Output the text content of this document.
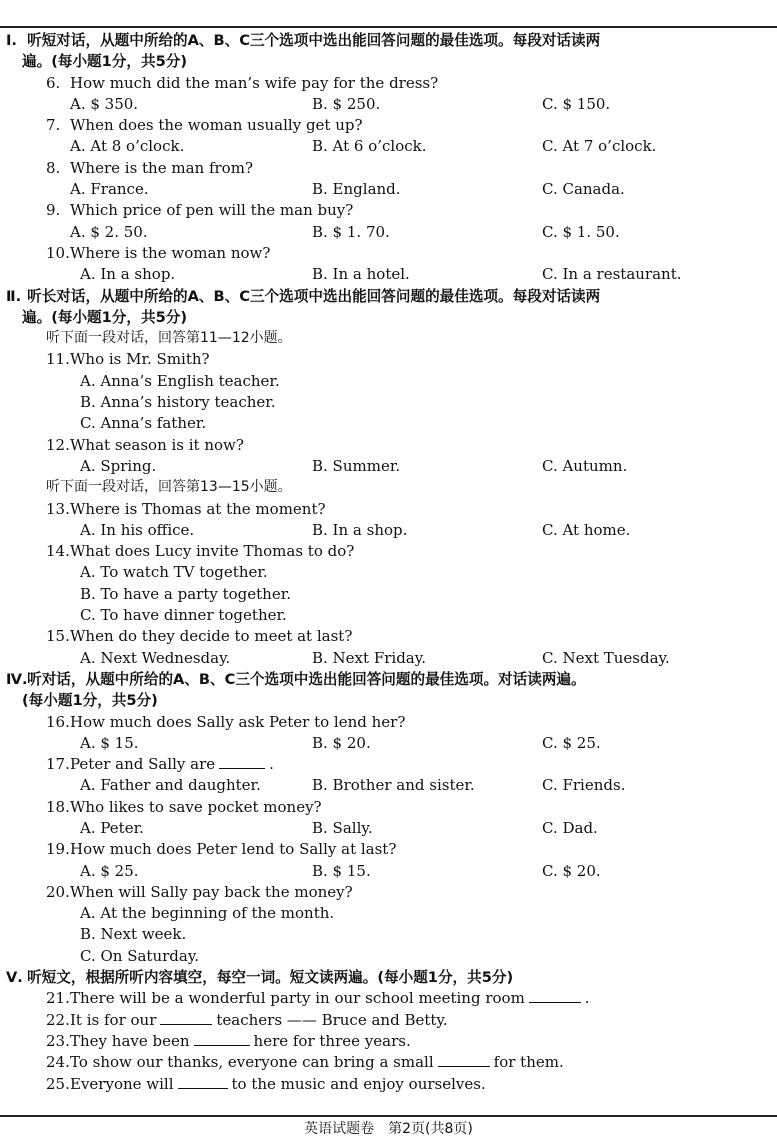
Ⅰ. 听短对话，从题中所给的A、B、C三个选项中选出能回答问题的最佳选项。每段对话读两
遍。(每小题1分，共5分)
6. How much did the man’s wife pay for the dress?
A. $ 350.	B. $ 250.	C. $ 150.
7. When does the woman usually get up?
A. At 8 o’clock.	B. At 6 o’clock.	C. At 7 o’clock.
8. Where is the man from?
A. France.	B. England.	C. Canada.
9. Which price of pen will the man buy?
A. $ 2. 50.	B. $ 1. 70.	C. $ 1. 50.
10.Where is the woman now?
A. In a shop.	B. In a hotel.	C. In a restaurant.
Ⅱ. 听长对话，从题中所给的A、B、C三个选项中选出能回答问题的最佳选项。每段对话读两
遍。(每小题1分，共5分)
听下面一段对话，回答第11—12小题。
11.Who is Mr. Smith?
A. Anna’s English teacher.
B. Anna’s history teacher.
C. Anna’s father.
12.What season is it now?
A. Spring.	B. Summer.	C. Autumn.
听下面一段对话，回答第13—15小题。
13.Where is Thomas at the moment?
A. In his office.	B. In a shop.	C. At home.
14.What does Lucy invite Thomas to do?
A. To watch TV together.
B. To have a party together.
C. To have dinner together.
15.When do they decide to meet at last?
A. Next Wednesday.	B. Next Friday.	C. Next Tuesday.
Ⅳ. 听对话，从题中所给的A、B、C三个选项中选出能回答问题的最佳选项。对话读两遍。
(每小题1分，共5分)
16.How much does Sally ask Peter to lend her?
A. $ 15.	B. $ 20.	C. $ 25.
17.Peter and Sally are	.
A. Father and daughter.	B. Brother and sister.	C. Friends.
18.Who likes to save pocket money?
A. Peter.	B. Sally.	C. Dad.
19.How much does Peter lend to Sally at last?
A. $ 25.	B. $ 15.	C. $ 20.
20.When will Sally pay back the money?
A. At the beginning of the month.
B. Next week.
C. On Saturday.
Ⅴ. 听短文，根据所听内容填空，每空一词。短文读两遍。(每小题1分，共5分)
21.There will be a wonderful party in our school meeting room	.
22.It is for our	teachers —— Bruce and Betty.
23.They have been	here for three years.
24.To show our thanks, everyone can bring a small	for them.
25.Everyone will	to the music and enjoy ourselves.
英语试题卷　第2页(共8页)
